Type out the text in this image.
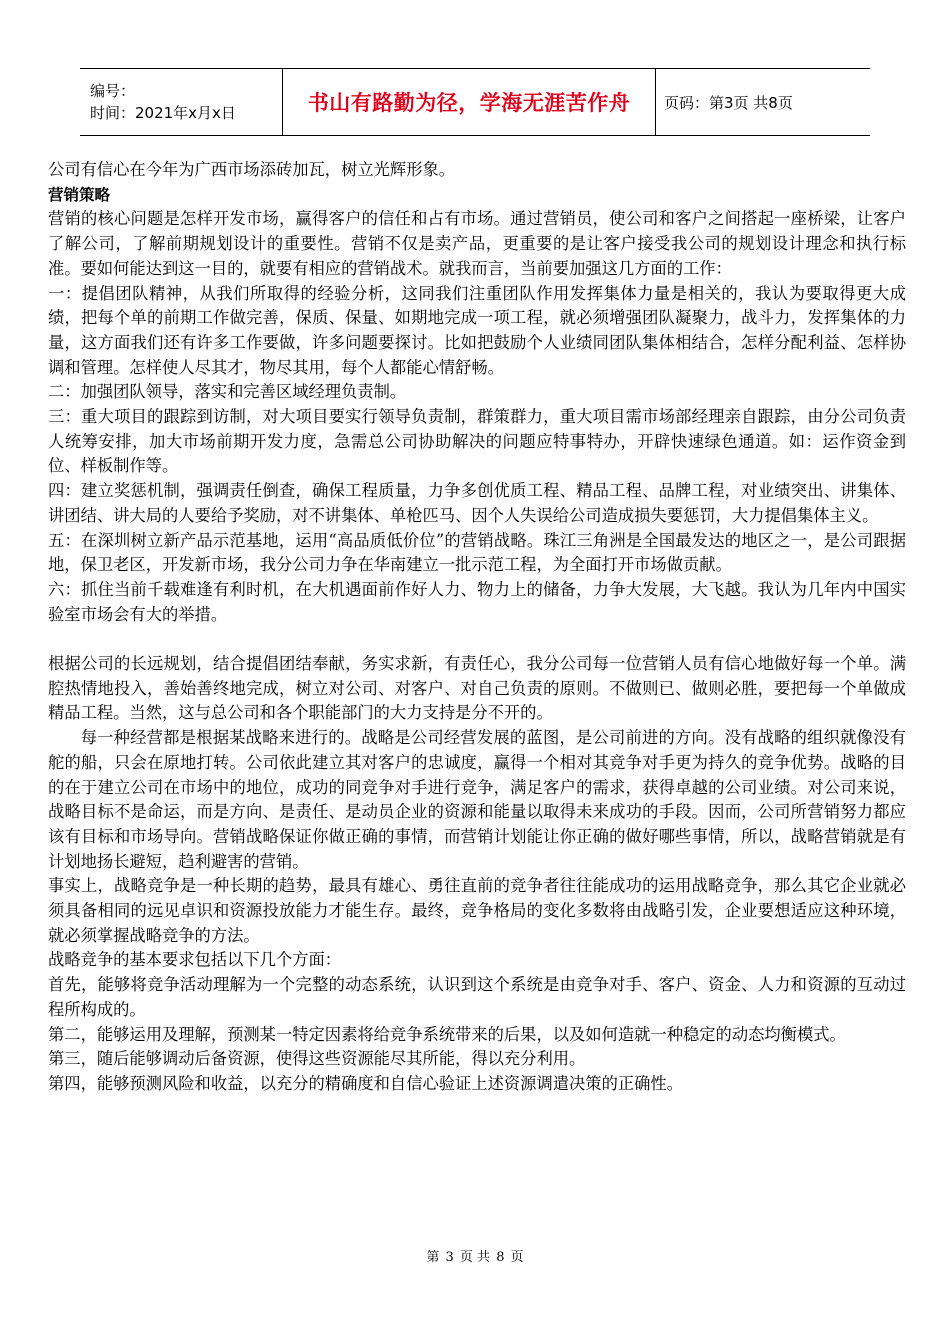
编号：
时间：2021年x月x日	书山有路勤为径，学海无涯苦作舟 页码：第3页 共8页

公司有信心在今年为广西市场添砖加瓦，树立光辉形象。

营销策略

营销的核心问题是怎样开发市场，赢得客户的信任和占有市场。通过营销员，使公司和客户之间搭起一座桥梁，让客户了解公司，了解前期规划设计的重要性。营销不仅是卖产品，更重要的是让客户接受我公司的规划设计理念和执行标准。要如何能达到这一目的，就要有相应的营销战术。就我而言，当前要加强这几方面的工作：

一：提倡团队精神，从我们所取得的经验分析，这同我们注重团队作用发挥集体力量是相关的，我认为要取得更大成绩，把每个单的前期工作做完善，保质、保量、如期地完成一项工程，就必须增强团队凝聚力，战斗力，发挥集体的力量，这方面我们还有许多工作要做，许多问题要探讨。比如把鼓励个人业绩同团队集体相结合，怎样分配利益、怎样协调和管理。怎样使人尽其才，物尽其用，每个人都能心情舒畅。

二：加强团队领导，落实和完善区域经理负责制。

三：重大项目的跟踪到访制，对大项目要实行领导负责制，群策群力，重大项目需市场部经理亲自跟踪，由分公司负责人统筹安排，加大市场前期开发力度，急需总公司协助解决的问题应特事特办，开辟快速绿色通道。如：运作资金到位、样板制作等。

四：建立奖惩机制，强调责任倒查，确保工程质量，力争多创优质工程、精品工程、品牌工程，对业绩突出、讲集体、讲团结、讲大局的人要给予奖励，对不讲集体、单枪匹马、因个人失误给公司造成损失要惩罚，大力提倡集体主义。

五：在深圳树立新产品示范基地，运用“高品质低价位”的营销战略。珠江三角洲是全国最发达的地区之一，是公司跟据地，保卫老区，开发新市场，我分公司力争在华南建立一批示范工程，为全面打开市场做贡献。

六：抓住当前千载难逢有利时机，在大机遇面前作好人力、物力上的储备，力争大发展，大飞越。我认为几年内中国实验室市场会有大的举措。

根据公司的长远规划，结合提倡团结奉献，务实求新，有责任心，我分公司每一位营销人员有信心地做好每一个单。满腔热情地投入，善始善终地完成，树立对公司、对客户、对自己负责的原则。不做则已、做则必胜，要把每一个单做成精品工程。当然，这与总公司和各个职能部门的大力支持是分不开的。

每一种经营都是根据某战略来进行的。战略是公司经营发展的蓝图，是公司前进的方向。没有战略的组织就像没有舵的船，只会在原地打转。公司依此建立其对客户的忠诚度，赢得一个相对其竞争对手更为持久的竞争优势。战略的目的在于建立公司在市场中的地位，成功的同竞争对手进行竞争，满足客户的需求，获得卓越的公司业绩。对公司来说，战略目标不是命运，而是方向、是责任、是动员企业的资源和能量以取得未来成功的手段。因而，公司所营销努力都应该有目标和市场导向。营销战略保证你做正确的事情，而营销计划能让你正确的做好哪些事情，所以，战略营销就是有计划地扬长避短，趋利避害的营销。

事实上，战略竞争是一种长期的趋势，最具有雄心、勇往直前的竞争者往往能成功的运用战略竞争，那么其它企业就必须具备相同的远见卓识和资源投放能力才能生存。最终，竞争格局的变化多数将由战略引发，企业要想适应这种环境，就必须掌握战略竞争的方法。

战略竞争的基本要求包括以下几个方面：

首先，能够将竞争活动理解为一个完整的动态系统，认识到这个系统是由竞争对手、客户、资金、人力和资源的互动过程所构成的。

第二，能够运用及理解，预测某一特定因素将给竞争系统带来的后果，以及如何造就一种稳定的动态均衡模式。

第三，随后能够调动后备资源，使得这些资源能尽其所能，得以充分利用。

第四，能够预测风险和收益，以充分的精确度和自信心验证上述资源调遣决策的正确性。

第 3 页 共 8 页
